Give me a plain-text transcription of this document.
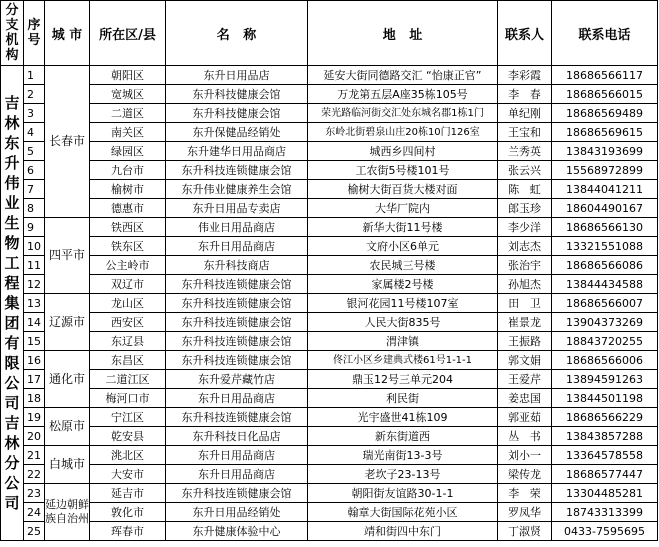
分支机构	序号	城 市	所在区/县	名   称	地   址	联系人	联系电话
吉林东升伟业生物工程集团有限公司吉林分公司	1	长春市	朝阳区	东升日用品店	延安大街同德路交汇 “怡康正官”	李彩霞	18686566117
	2		宽城区	东升科技健康会馆	万龙第五层A座35栋105号	李   春	18686566015
	3		二道区	东升科技健康会馆	荣光路临河街交汇处东城名郡1栋1门	单纪刚	18686569489
	4		南关区	东升保健品经销处	东岭北街碧泉山庄20栋10门126室	王宝和	18686569615
	5		绿园区	东升建华日用品商店	城西乡四间村	兰秀英	13843193699
	6		九台市	东升科技连锁健康会馆	工农街5号楼101号	张云兴	15568972899
	7		榆树市	东升伟业健康养生会馆	榆树大街百货大楼对面	陈   虹	13844041211
	8		德惠市	东升日用品专卖店	大华厂院内	郎玉珍	18604490167
	9	四平市	铁西区	伟业日用品商店	新华大街11号楼	李少洋	18686566130
	10		铁东区	东升日用品商店	文府小区6单元	刘志杰	13321551088
	11		公主岭市	东升科技商店	农民城三号楼	张治宇	18686566086
	12		双辽市	东升科技连锁健康会馆	家属楼2号楼	孙旭杰	13844434588
	13	辽源市	龙山区	东升科技连锁健康会馆	银河花园11号楼107室	田   卫	18686566007
	14		西安区	东升科技连锁健康会馆	人民大街835号	崔景龙	13904373269
	15		东辽县	东升科技连锁健康会馆	渭津镇	王振路	18843720255
	16	通化市	东昌区	东升科技连锁健康会馆	佟江小区乡建典式楼61号1-1-1	郭文娟	18686566006
	17		二道江区	东升爱芹藏竹店	鼎玉12号三单元204	王爱芹	13894591263
	18		梅河口市	东升日用品商店	利民街	姜忠国	13844501198
	19	松原市	宁江区	东升科技连锁健康会馆	光宇盛世41栋109	郭亚茹	18686566229
	20		乾安县	东升科技日化品店	新东街道西	丛   书	13843857288
	21	白城市	洮北区	东升日用品商店	瑞光南街13-3号	刘小一	13364578558
	22		大安市	东升日用品商店	老坎子23-13号	梁传龙	18686577447
	23	延边朝鲜族自治州	延吉市	东升科技连锁健康会馆	朝阳街友谊路30-1-1	李   荣	13304485281
	24		敦化市	东升日用品经销处	翰章大街国际花苑小区	罗凤华	18743313399
	25		珲春市	东升健康体验中心	靖和街四中东门	丁淑贤	0433-7595695
